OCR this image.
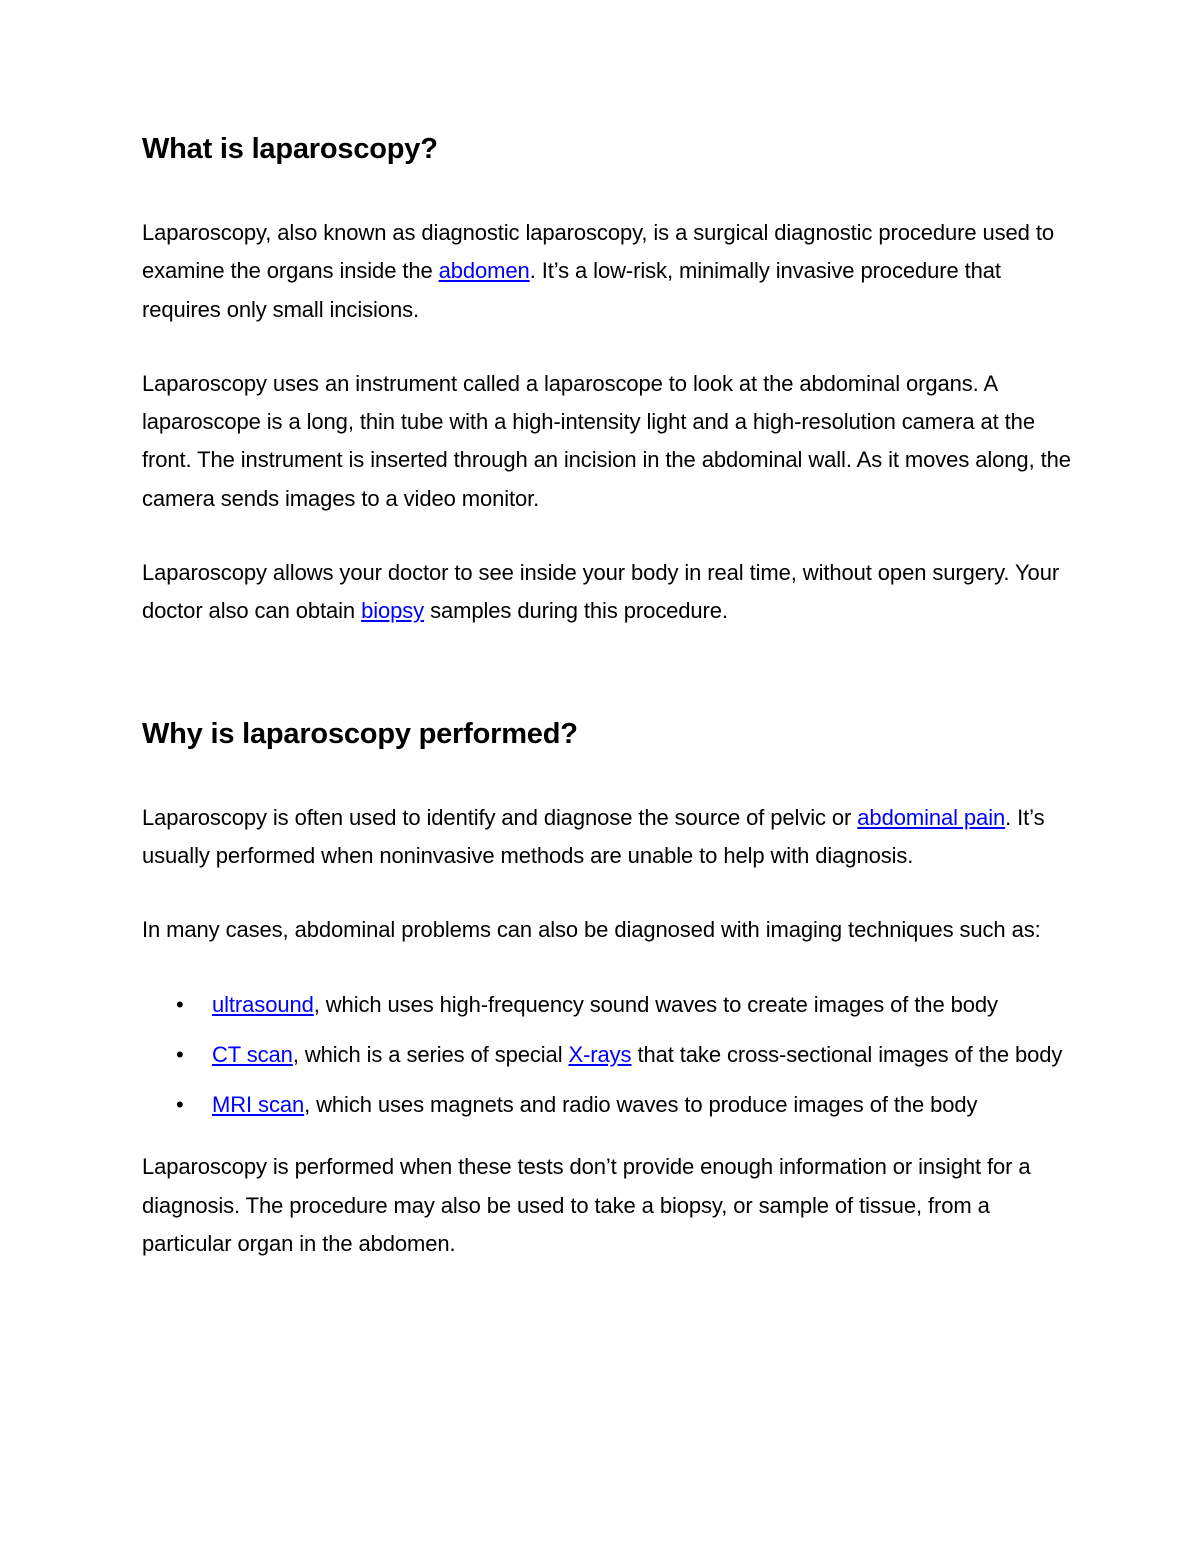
What is laparoscopy?

Laparoscopy, also known as diagnostic laparoscopy, is a surgical diagnostic procedure used to examine the organs inside the abdomen. It’s a low-risk, minimally invasive procedure that requires only small incisions.

Laparoscopy uses an instrument called a laparoscope to look at the abdominal organs. A laparoscope is a long, thin tube with a high-intensity light and a high-resolution camera at the front. The instrument is inserted through an incision in the abdominal wall. As it moves along, the camera sends images to a video monitor.

Laparoscopy allows your doctor to see inside your body in real time, without open surgery. Your doctor also can obtain biopsy samples during this procedure.

Why is laparoscopy performed?

Laparoscopy is often used to identify and diagnose the source of pelvic or abdominal pain. It’s usually performed when noninvasive methods are unable to help with diagnosis.

In many cases, abdominal problems can also be diagnosed with imaging techniques such as:

• ultrasound, which uses high-frequency sound waves to create images of the body
• CT scan, which is a series of special X-rays that take cross-sectional images of the body
• MRI scan, which uses magnets and radio waves to produce images of the body

Laparoscopy is performed when these tests don’t provide enough information or insight for a diagnosis. The procedure may also be used to take a biopsy, or sample of tissue, from a particular organ in the abdomen.
